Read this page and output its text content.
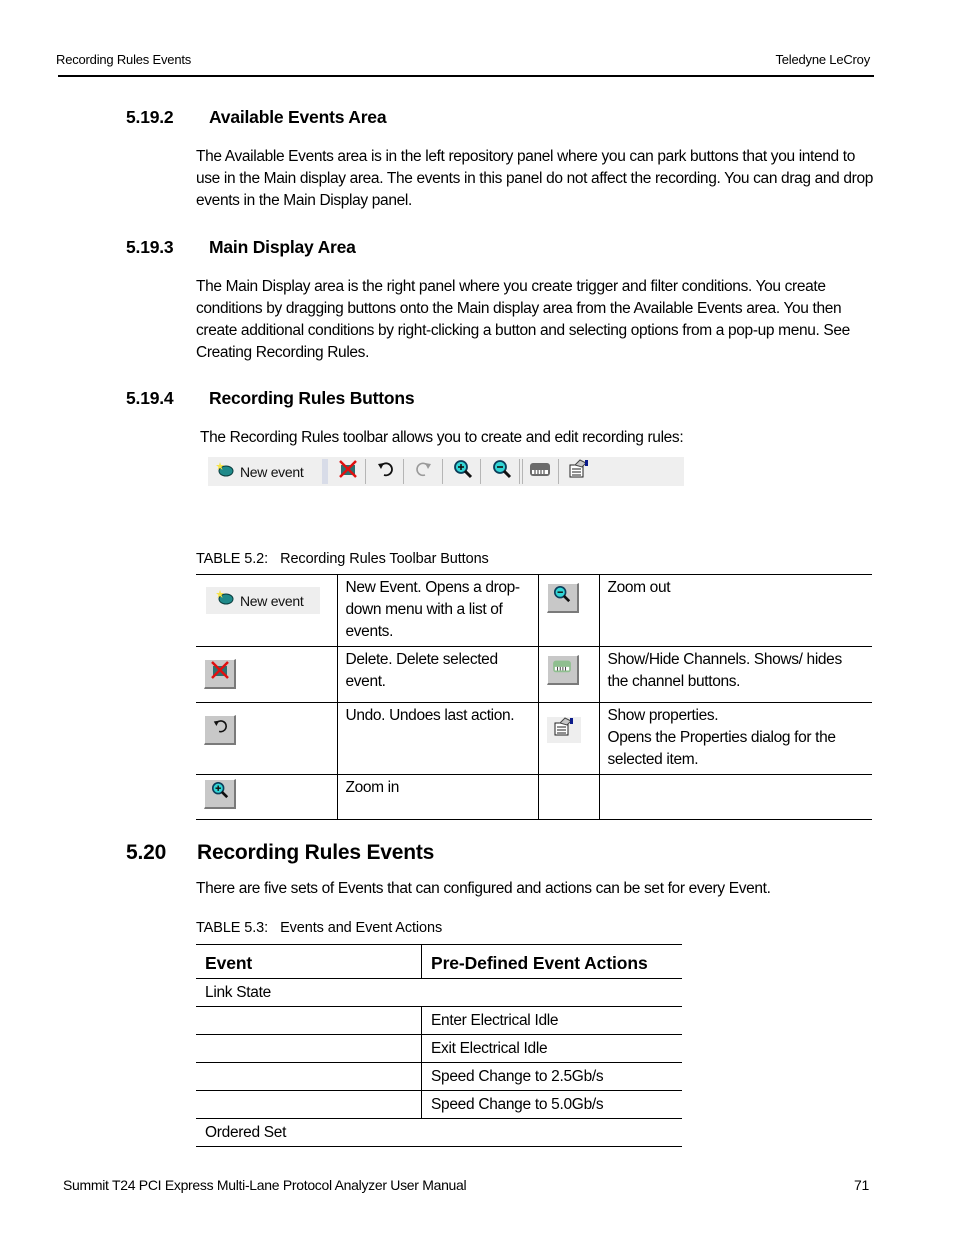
Recording Rules Events	Teledyne LeCroy
5.19.2 Available Events Area
The Available Events area is in the left repository panel where you can park buttons that you intend to use in the Main display area. The events in this panel do not affect the recording. You can drag and drop events in the Main Display panel.
5.19.3 Main Display Area
The Main Display area is the right panel where you create trigger and filter conditions. You create conditions by dragging buttons onto the Main display area from the Available Events area. You then create additional conditions by right-clicking a button and selecting options from a pop-up menu. See Creating Recording Rules.
5.19.4 Recording Rules Buttons
The Recording Rules toolbar allows you to create and edit recording rules:
New event
TABLE 5.2: Recording Rules Toolbar Buttons
New event	New Event. Opens a drop-down menu with a list of events.		Zoom out

	Delete. Delete selected event.		Show/Hide Channels. Shows/ hides the channel buttons.

	Undo. Undoes last action.		Show properties.
Opens the Properties dialog for the selected item.

	Zoom in		
5.20 Recording Rules Events
There are five sets of Events that can configured and actions can be set for every Event.
TABLE 5.3: Events and Event Actions
Event	Pre-Defined Event Actions
Link State	
	Enter Electrical Idle
	Exit Electrical Idle
	Speed Change to 2.5Gb/s
	Speed Change to 5.0Gb/s
Ordered Set	
Summit T24 PCI Express Multi-Lane Protocol Analyzer User Manual	71
